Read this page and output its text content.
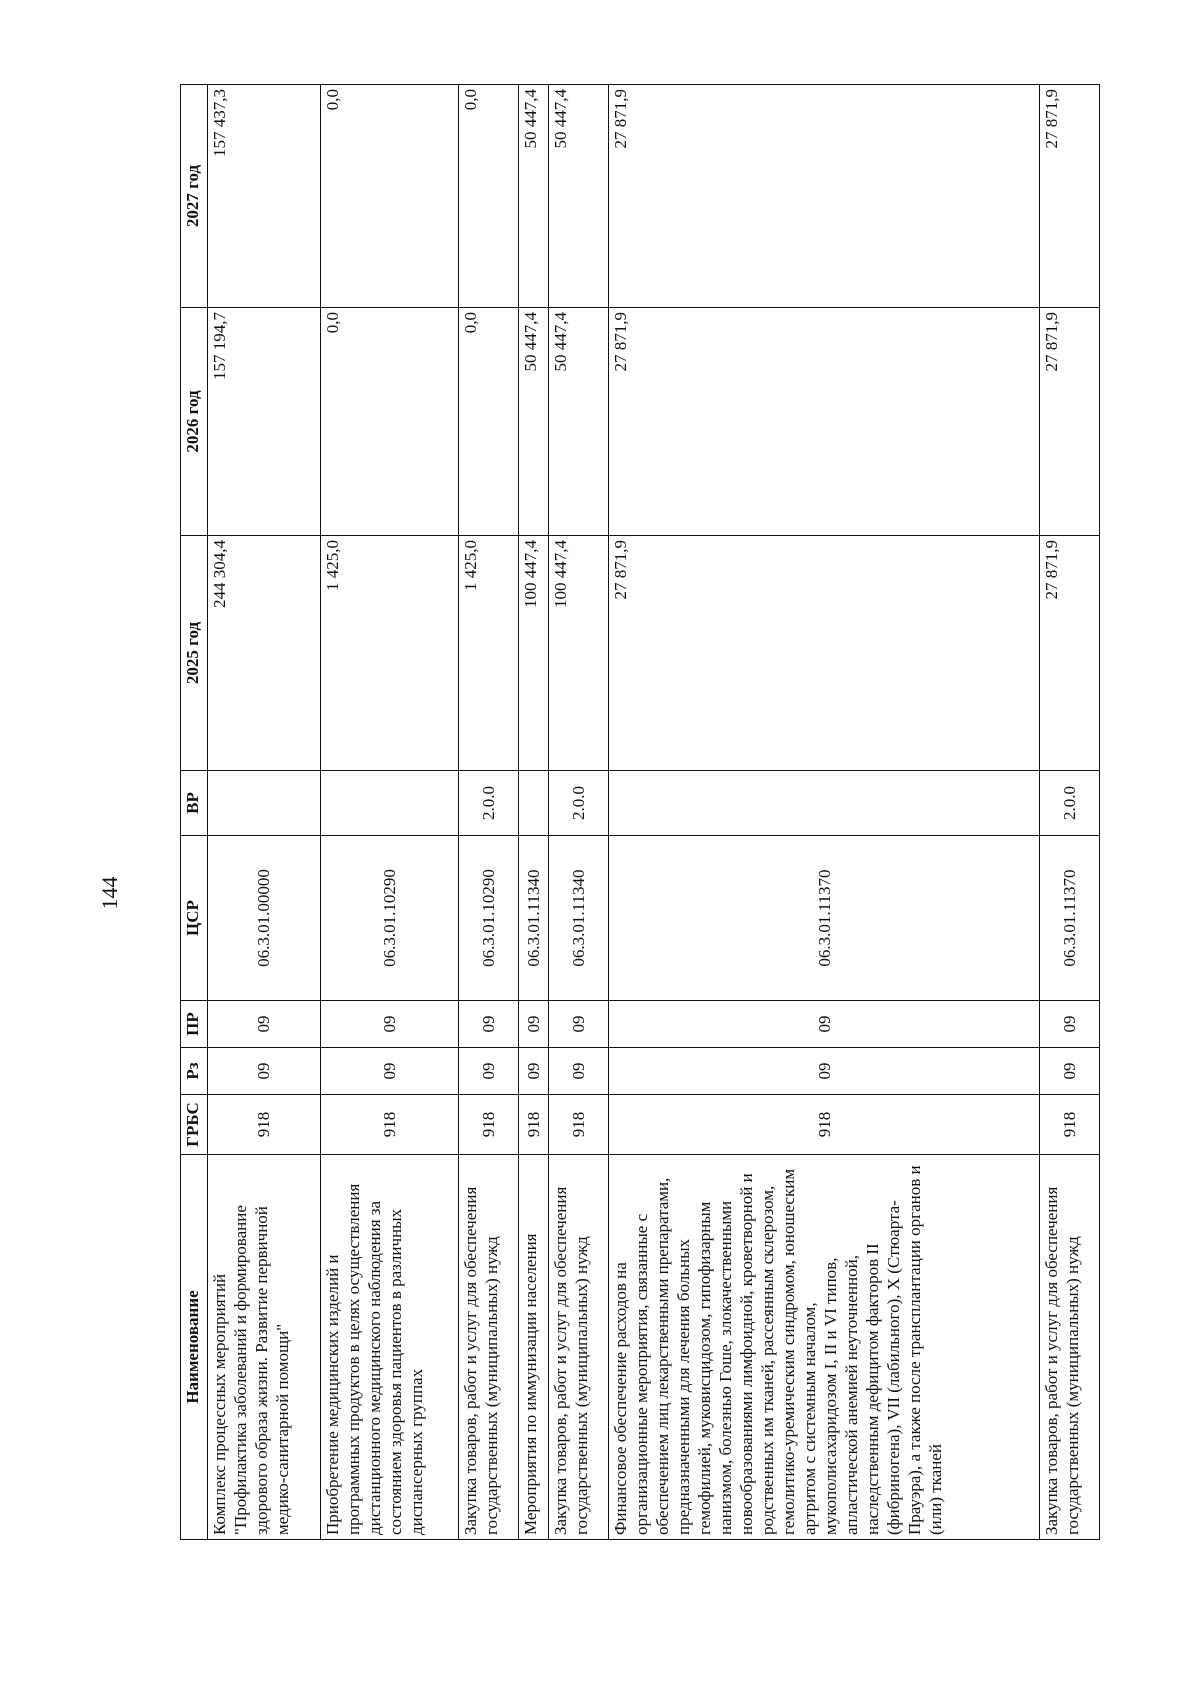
144
Наименование	ГРБС	Рз	ПР	ЦСР	ВР	2025 год	2026 год	2027 год
Комплекс процессных мероприятий "Профилактика заболеваний и формирование здорового образа жизни. Развитие первичной медико-санитарной помощи"	918	09	09	06.3.01.00000		244 304,4	157 194,7	157 437,3
Приобретение медицинских изделий и программных продуктов в целях осуществления дистанционного медицинского наблюдения за состоянием здоровья пациентов в различных диспансерных группах	918	09	09	06.3.01.10290		1 425,0	0,0	0,0
Закупка товаров, работ и услуг для обеспечения государственных (муниципальных) нужд	918	09	09	06.3.01.10290	2.0.0	1 425,0	0,0	0,0
Мероприятия по иммунизации населения	918	09	09	06.3.01.11340		100 447,4	50 447,4	50 447,4
Закупка товаров, работ и услуг для обеспечения государственных (муниципальных) нужд	918	09	09	06.3.01.11340	2.0.0	100 447,4	50 447,4	50 447,4
Финансовое обеспечение расходов на организационные мероприятия, связанные с обеспечением лиц лекарственными препаратами, предназначенными для лечения больных гемофилией, муковисцидозом, гипофизарным нанизмом, болезнью Гоше, злокачественными новообразованиями лимфоидной, кроветворной и родственных им тканей, рассеянным склерозом, гемолитико-уремическим синдромом, юношеским артритом с системным началом, мукополисахаридозом I, II и VI типов, апластической анемией неуточненной, наследственным дефицитом факторов II (фибриногена), VII (лабильного), X (Стюарта-Прауэра), а также после трансплантации органов и (или) тканей	918	09	09	06.3.01.11370		27 871,9	27 871,9	27 871,9
Закупка товаров, работ и услуг для обеспечения государственных (муниципальных) нужд	918	09	09	06.3.01.11370	2.0.0	27 871,9	27 871,9	27 871,9
